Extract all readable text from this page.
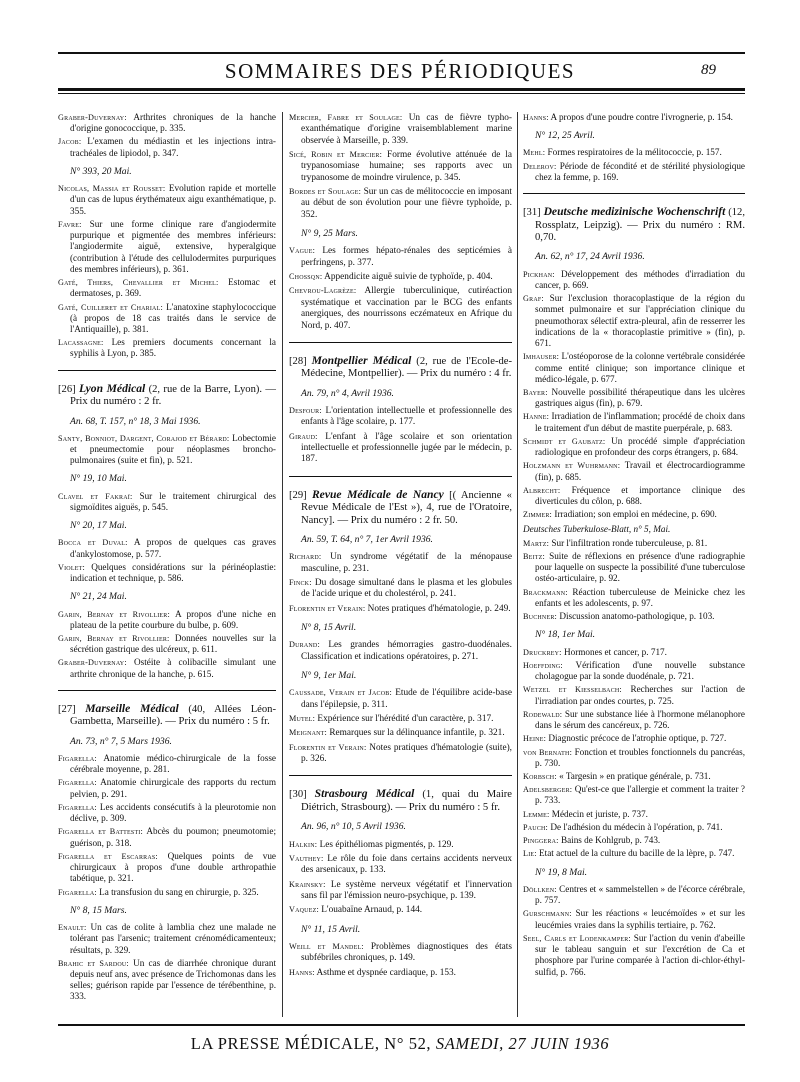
SOMMAIRES DES PÉRIODIQUES	89
Graber-Duvernay: Arthrites chroniques de la hanche d'origine gonococcique, p. 335.
Jacob: L'examen du médiastin et les injections intra-trachéales de lipiodol, p. 347.
N° 393, 20 Mai.
Nicolas, Massia et Rousset: Evolution rapide et mortelle d'un cas de lupus érythémateux aigu exanthématique, p. 355.
Favre: Sur une forme clinique rare d'angiodermite purpurique et pigmentée des membres inférieurs: l'angiodermite aiguë, extensive, hyperalgique (contribution à l'étude des cellulodermites purpuriques des membres inférieurs), p. 361.
Gaté, Thiers, Chevallier et Michel: Estomac et dermatoses, p. 369.
Gaté, Cuilleret et Charial: L'anatoxine staphylococcique (à propos de 18 cas traités dans le service de l'Antiquaille), p. 381.
Lacassagne: Les premiers documents concernant la syphilis à Lyon, p. 385.
[26] Lyon Médical (2, rue de la Barre, Lyon). — Prix du numéro : 2 fr.
An. 68, T. 157, n° 18, 3 Mai 1936.
Santy, Bonniot, Dargent, Corajod et Bérard: Lobectomie et pneumectomie pour néoplasmes broncho-pulmonaires (suite et fin), p. 521.
N° 19, 10 Mai.
Clavel et Fakraï: Sur le traitement chirurgical des sigmoïdites aiguës, p. 545.
N° 20, 17 Mai.
Bocca et Duval: A propos de quelques cas graves d'ankylostomose, p. 577.
Violet: Quelques considérations sur la périnéoplastie: indication et technique, p. 586.
N° 21, 24 Mai.
Garin, Bernay et Rivollier: A propos d'une niche en plateau de la petite courbure du bulbe, p. 609.
Garin, Bernay et Rivollier: Données nouvelles sur la sécrétion gastrique des ulcéreux, p. 611.
Graber-Duvernay: Ostéite à colibacille simulant une arthrite chronique de la hanche, p. 615.
[27] Marseille Médical (40, Allées Léon-Gambetta, Marseille). — Prix du numéro : 5 fr.
An. 73, n° 7, 5 Mars 1936.
Figarella: Anatomie médico-chirurgicale de la fosse cérébrale moyenne, p. 281.
Figarella: Anatomie chirurgicale des rapports du rectum pelvien, p. 291.
Figarella: Les accidents consécutifs à la pleurotomie non déclive, p. 309.
Figarella et Battesti: Abcès du poumon; pneumotomie; guérison, p. 318.
Figarella et Escarras: Quelques points de vue chirurgicaux à propos d'une double arthropathie tabétique, p. 321.
Figarella: La transfusion du sang en chirurgie, p. 325.
N° 8, 15 Mars.
Enault: Un cas de colite à lamblia chez une malade ne tolérant pas l'arsenic; traitement crénomédicamenteux; résultats, p. 329.
Brahic et Sardou: Un cas de diarrhée chronique durant depuis neuf ans, avec présence de Trichomonas dans les selles; guérison rapide par l'essence de térébenthine, p. 333.
Mercier, Fabre et Soulage: Un cas de fièvre typho-exanthématique d'origine vraisemblablement marine observée à Marseille, p. 339.
Sicé, Robin et Mercier: Forme évolutive atténuée de la trypanosomiase humaine; ses rapports avec un trypanosome de moindre virulence, p. 345.
Bordes et Soulage: Sur un cas de mélitococcie en imposant au début de son évolution pour une fièvre typhoïde, p. 352.
N° 9, 25 Mars.
Vague: Les formes hépato-rénales des septicémies à perfringens, p. 377.
Chossqn: Appendicite aiguë suivie de typhoïde, p. 404.
Chevrou-Lagrèze: Allergie tuberculinique, cutiréaction systématique et vaccination par le BCG des enfants anergiques, des nourrissons eczémateux en Afrique du Nord, p. 407.
[28] Montpellier Médical (2, rue de l'Ecole-de-Médecine, Montpellier). — Prix du numéro : 4 fr.
An. 79, n° 4, Avril 1936.
Desfour: L'orientation intellectuelle et professionnelle des enfants à l'âge scolaire, p. 177.
Giraud: L'enfant à l'âge scolaire et son orientation intellectuelle et professionnelle jugée par le médecin, p. 187.
[29] Revue Médicale de Nancy [( Ancienne « Revue Médicale de l'Est »), 4, rue de l'Oratoire, Nancy]. — Prix du numéro : 2 fr. 50.
An. 59, T. 64, n° 7, 1er Avril 1936.
Richard: Un syndrome végétatif de la ménopause masculine, p. 231.
Finck: Du dosage simultané dans le plasma et les globules de l'acide urique et du cholestérol, p. 241.
Florentin et Verain: Notes pratiques d'hématologie, p. 249.
N° 8, 15 Avril.
Durand: Les grandes hémorragies gastro-duodénales. Classification et indications opératoires, p. 271.
N° 9, 1er Mai.
Caussade, Verain et Jacob: Etude de l'équilibre acide-base dans l'épilepsie, p. 311.
Mutel: Expérience sur l'hérédité d'un caractère, p. 317.
Meignant: Remarques sur la délinquance infantile, p. 321.
Florentin et Verain: Notes pratiques d'hématologie (suite), p. 326.
[30] Strasbourg Médical (1, quai du Maire Diétrich, Strasbourg). — Prix du numéro : 5 fr.
An. 96, n° 10, 5 Avril 1936.
Halkin: Les épithéliomas pigmentés, p. 129.
Vauthey: Le rôle du foie dans certains accidents nerveux des arsenicaux, p. 133.
Krainsky: Le système nerveux végétatif et l'innervation sans fil par l'émission neuro-psychique, p. 139.
Vaquez: L'ouabaïne Arnaud, p. 144.
N° 11, 15 Avril.
Weill et Mandel: Problèmes diagnostiques des états subfébriles chroniques, p. 149.
Hanns: Asthme et dyspnée cardiaque, p. 153.
Hanns: A propos d'une poudre contre l'ivrognerie, p. 154.
N° 12, 25 Avril.
Mehl: Formes respiratoires de la mélitococcie, p. 157.
Delerov: Période de fécondité et de stérilité physiologique chez la femme, p. 169.
[31] Deutsche medizinische Wochenschrift (12, Rossplatz, Leipzig). — Prix du numéro : RM. 0,70.
An. 62, n° 17, 24 Avril 1936.
Pickhan: Développement des méthodes d'irradiation du cancer, p. 669.
Graf: Sur l'exclusion thoracoplastique de la région du sommet pulmonaire et sur l'appréciation clinique du pneumothorax sélectif extra-pleural, afin de resserrer les indications de la « thoracoplastie primitive » (fin), p. 671.
Imhauser: L'ostéoporose de la colonne vertébrale considérée comme entité clinique; son importance clinique et médico-légale, p. 677.
Bayer: Nouvelle possibilité thérapeutique dans les ulcères gastriques aigus (fin), p. 679.
Hanne: Irradiation de l'inflammation; procédé de choix dans le traitement d'un début de mastite puerpérale, p. 683.
Schmidt et Gaubatz: Un procédé simple d'appréciation radiologique en profondeur des corps étrangers, p. 684.
Holzmann et Wuhrmann: Travail et électrocardiogramme (fin), p. 685.
Albrecht: Fréquence et importance clinique des diverticules du côlon, p. 688.
Zimmer: Irradiation; son emploi en médecine, p. 690.
Deutsches Tuberkulose-Blatt, n° 5, Mai.
Martz: Sur l'infiltration ronde tuberculeuse, p. 81.
Beitz: Suite de réflexions en présence d'une radiographie pour laquelle on suspecte la possibilité d'une tuberculose ostéo-articulaire, p. 92.
Brackmann: Réaction tuberculeuse de Meinicke chez les enfants et les adolescents, p. 97.
Buchner: Discussion anatomo-pathologique, p. 103.
N° 18, 1er Mai.
Druckrey: Hormones et cancer, p. 717.
Hoeffding: Vérification d'une nouvelle substance cholagogue par la sonde duodénale, p. 721.
Wetzel et Kiesselbach: Recherches sur l'action de l'irradiation par ondes courtes, p. 725.
Rodewald: Sur une substance liée à l'hormone mélanophore dans le sérum des cancéreux, p. 726.
Heine: Diagnostic précoce de l'atrophie optique, p. 727.
von Bernath: Fonction et troubles fonctionnels du pancréas, p. 730.
Korbsch: « Targesin » en pratique générale, p. 731.
Adelsberger: Qu'est-ce que l'allergie et comment la traiter ? p. 733.
Lemme: Médecin et juriste, p. 737.
Pauch: De l'adhésion du médecin à l'opération, p. 741.
Pinggera: Bains de Kohlgrub, p. 743.
Lie: Etat actuel de la culture du bacille de la lèpre, p. 747.
N° 19, 8 Mai.
Döllken: Centres et « sammelstellen » de l'écorce cérébrale, p. 757.
Gurschmann: Sur les réactions « leucémoïdes » et sur les leucémies vraies dans la syphilis tertiaire, p. 762.
Seel, Carls et Lodenkamper: Sur l'action du venin d'abeille sur le tableau sanguin et sur l'excrétion de Ca et phosphore par l'urine comparée à l'action di-chlor-éthyl-sulfid, p. 766.
LA PRESSE MÉDICALE, N° 52, SAMEDI, 27 JUIN 1936
